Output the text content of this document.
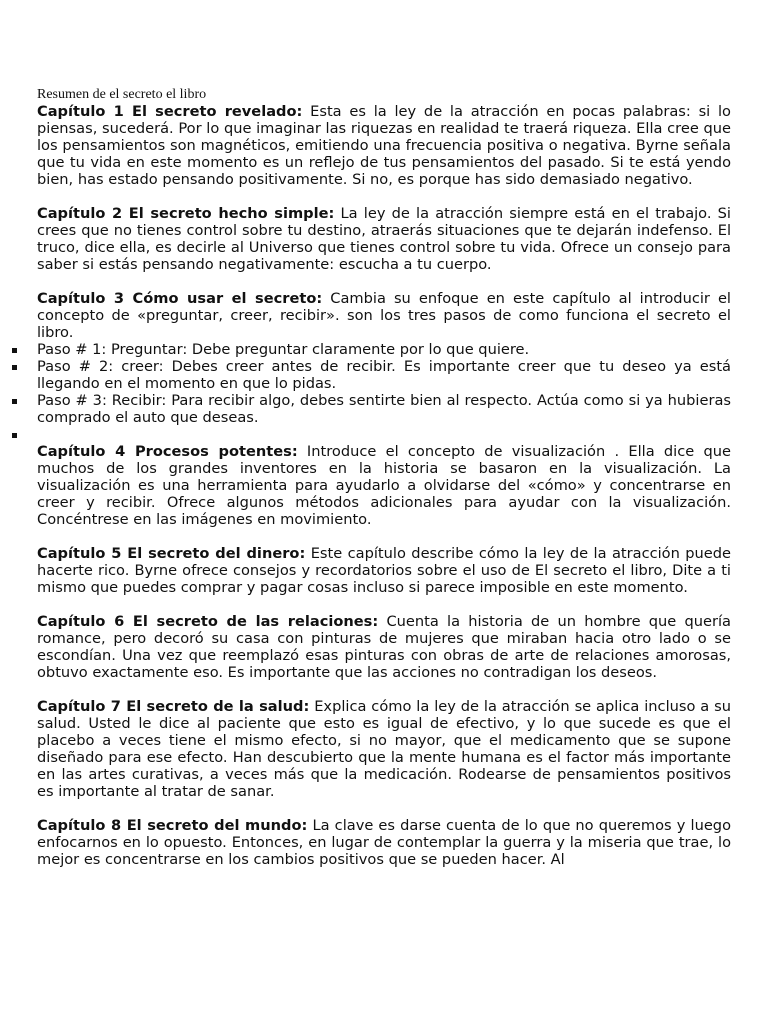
Resumen de el secreto el libro

Capítulo 1 El secreto revelado: Esta es la ley de la atracción en pocas palabras: si lo piensas, sucederá. Por lo que imaginar las riquezas en realidad te traerá riqueza. Ella cree que los pensamientos son magnéticos, emitiendo una frecuencia positiva o negativa. Byrne señala que tu vida en este momento es un reflejo de tus pensamientos del pasado. Si te está yendo bien, has estado pensando positivamente. Si no, es porque has sido demasiado negativo.

Capítulo 2 El secreto hecho simple: La ley de la atracción siempre está en el trabajo. Si crees que no tienes control sobre tu destino, atraerás situaciones que te dejarán indefenso. El truco, dice ella, es decirle al Universo que tienes control sobre tu vida. Ofrece un consejo para saber si estás pensando negativamente: escucha a tu cuerpo.

Capítulo 3 Cómo usar el secreto: Cambia su enfoque en este capítulo al introducir el concepto de «preguntar, creer, recibir». son los tres pasos de como funciona el secreto el libro.

Paso # 1: Preguntar: Debe preguntar claramente por lo que quiere.
Paso # 2: creer: Debes creer antes de recibir. Es importante creer que tu deseo ya está llegando en el momento en que lo pidas.
Paso # 3: Recibir: Para recibir algo, debes sentirte bien al respecto. Actúa como si ya hubieras comprado el auto que deseas.

Capítulo 4 Procesos potentes: Introduce el concepto de visualización . Ella dice que muchos de los grandes inventores en la historia se basaron en la visualización. La visualización es una herramienta para ayudarlo a olvidarse del «cómo» y concentrarse en creer y recibir. Ofrece algunos métodos adicionales para ayudar con la visualización. Concéntrese en las imágenes en movimiento.

Capítulo 5 El secreto del dinero: Este capítulo describe cómo la ley de la atracción puede hacerte rico. Byrne ofrece consejos y recordatorios sobre el uso de El secreto el libro, Dite a ti mismo que puedes comprar y pagar cosas incluso si parece imposible en este momento.

Capítulo 6 El secreto de las relaciones: Cuenta la historia de un hombre que quería romance, pero decoró su casa con pinturas de mujeres que miraban hacia otro lado o se escondían. Una vez que reemplazó esas pinturas con obras de arte de relaciones amorosas, obtuvo exactamente eso. Es importante que las acciones no contradigan los deseos.

Capítulo 7 El secreto de la salud: Explica cómo la ley de la atracción se aplica incluso a su salud. Usted le dice al paciente que esto es igual de efectivo, y lo que sucede es que el placebo a veces tiene el mismo efecto, si no mayor, que el medicamento que se supone diseñado para ese efecto. Han descubierto que la mente humana es el factor más importante en las artes curativas, a veces más que la medicación. Rodearse de pensamientos positivos es importante al tratar de sanar.

Capítulo 8 El secreto del mundo: La clave es darse cuenta de lo que no queremos y luego enfocarnos en lo opuesto. Entonces, en lugar de contemplar la guerra y la miseria que trae, lo mejor es concentrarse en los cambios positivos que se pueden hacer. Al
